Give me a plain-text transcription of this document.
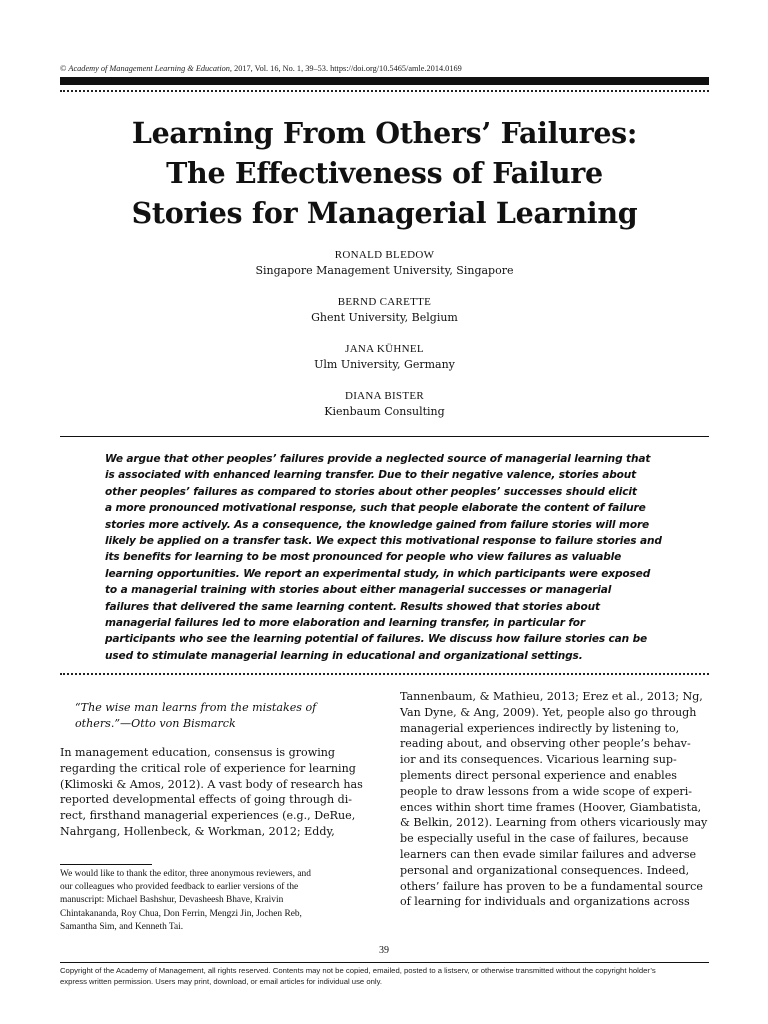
© Academy of Management Learning & Education, 2017, Vol. 16, No. 1, 39–53. https://doi.org/10.5465/amle.2014.0169
Learning From Others’ Failures:
The Effectiveness of Failure
Stories for Managerial Learning
RONALD BLEDOW
Singapore Management University, Singapore
BERND CARETTE
Ghent University, Belgium
JANA KÜHNEL
Ulm University, Germany
DIANA BISTER
Kienbaum Consulting
We argue that other peoples’ failures provide a neglected source of managerial learning that
is associated with enhanced learning transfer. Due to their negative valence, stories about
other peoples’ failures as compared to stories about other peoples’ successes should elicit
a more pronounced motivational response, such that people elaborate the content of failure
stories more actively. As a consequence, the knowledge gained from failure stories will more
likely be applied on a transfer task. We expect this motivational response to failure stories and
its benefits for learning to be most pronounced for people who view failures as valuable
learning opportunities. We report an experimental study, in which participants were exposed
to a managerial training with stories about either managerial successes or managerial
failures that delivered the same learning content. Results showed that stories about
managerial failures led to more elaboration and learning transfer, in particular for
participants who see the learning potential of failures. We discuss how failure stories can be
used to stimulate managerial learning in educational and organizational settings.
“The wise man learns from the mistakes of
others.”—Otto von Bismarck
In management education, consensus is growing
regarding the critical role of experience for learning
(Klimoski & Amos, 2012). A vast body of research has
reported developmental effects of going through di-
rect, firsthand managerial experiences (e.g., DeRue,
Nahrgang, Hollenbeck, & Workman, 2012; Eddy,
Tannenbaum, & Mathieu, 2013; Erez et al., 2013; Ng,
Van Dyne, & Ang, 2009). Yet, people also go through
managerial experiences indirectly by listening to,
reading about, and observing other people’s behav-
ior and its consequences. Vicarious learning sup-
plements direct personal experience and enables
people to draw lessons from a wide scope of experi-
ences within short time frames (Hoover, Giambatista,
& Belkin, 2012). Learning from others vicariously may
be especially useful in the case of failures, because
learners can then evade similar failures and adverse
personal and organizational consequences. Indeed,
others’ failure has proven to be a fundamental source
of learning for individuals and organizations across
We would like to thank the editor, three anonymous reviewers, and
our colleagues who provided feedback to earlier versions of the
manuscript: Michael Bashshur, Devasheesh Bhave, Kraivin
Chintakananda, Roy Chua, Don Ferrin, Mengzi Jin, Jochen Reb,
Samantha Sim, and Kenneth Tai.
39
Copyright of the Academy of Management, all rights reserved. Contents may not be copied, emailed, posted to a listserv, or otherwise transmitted without the copyright holder’s
express written permission. Users may print, download, or email articles for individual use only.
